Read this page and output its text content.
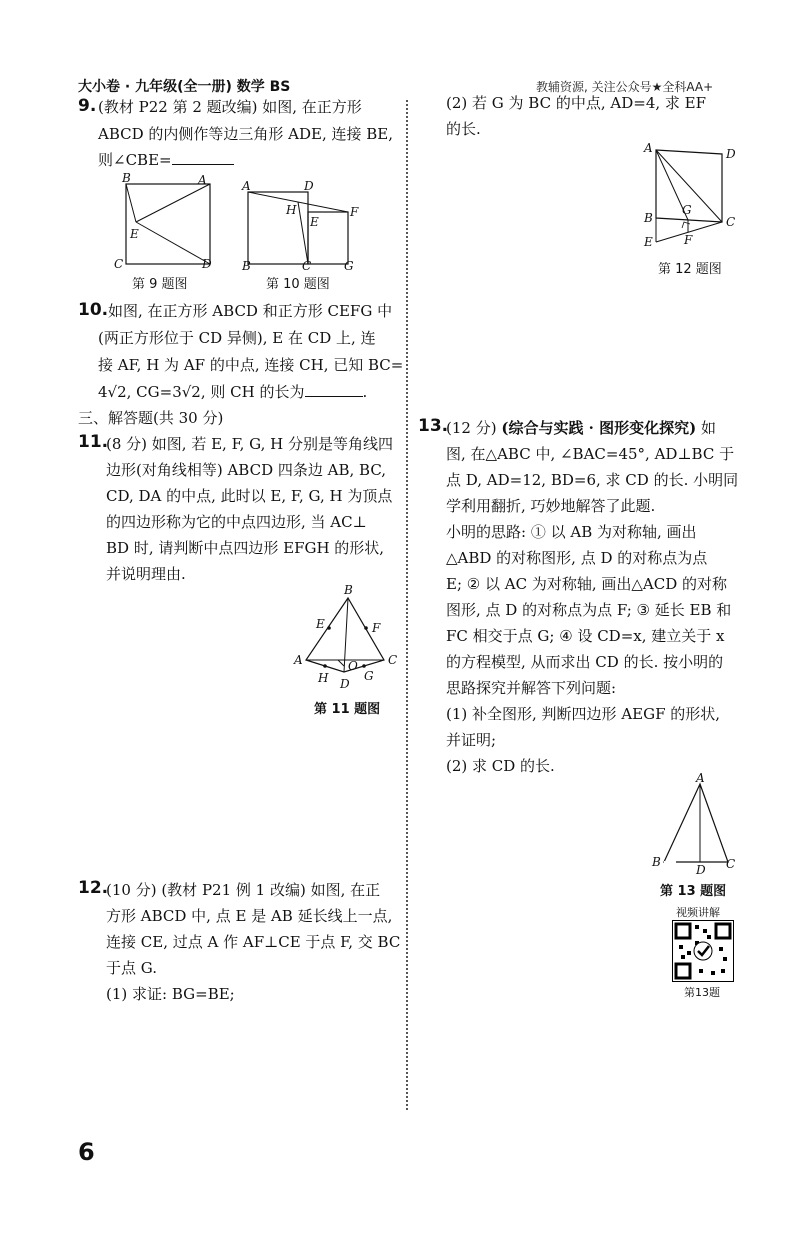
大小卷 · 九年级(全一册) 数学 BS	教辅资源, 关注公众号★全科AA+
9. (教材 P22 第 2 题改编) 如图, 在正方形
ABCD 的内侧作等边三角形 ADE, 连接 BE,
则∠CBE=
B	A
E
C	D
第 9 题图
A	D
H
E
F
B	C	G
第 10 题图
10. 如图, 在正方形 ABCD 和正方形 CEFG 中
(两正方形位于 CD 异侧), E 在 CD 上, 连
接 AF, H 为 AF 的中点, 连接 CH, 已知 BC=
4√2, CG=3√2, 则 CH 的长为	.
三、解答题(共 30 分)
11.
(8 分) 如图, 若 E, F, G, H 分别是等角线四
边形(对角线相等) ABCD 四条边 AB, BC,
CD, DA 的中点, 此时以 E, F, G, H 为顶点
的四边形称为它的中点四边形, 当 AC⊥
BD 时, 请判断中点四边形 EFGH 的形状,
并说明理由.
B
E	F
A	O	C
H D
G
第 11 题图
12.
(10 分) (教材 P21 例 1 改编) 如图, 在正
方形 ABCD 中, 点 E 是 AB 延长线上一点,
连接 CE, 过点 A 作 AF⊥CE 于点 F, 交 BC
于点 G.
(1) 求证: BG=BE;
(2) 若 G 为 BC 的中点, AD=4, 求 EF
的长.
A	D
B
G
C
E	F
第 12 题图
13.
(12 分) (综合与实践 · 图形变化探究) 如
图, 在△ABC 中, ∠BAC=45°, AD⊥BC 于
点 D, AD=12, BD=6, 求 CD 的长. 小明同
学利用翻折, 巧妙地解答了此题.
小明的思路: ① 以 AB 为对称轴, 画出
△ABD 的对称图形, 点 D 的对称点为点
E; ② 以 AC 为对称轴, 画出△ACD 的对称
图形, 点 D 的对称点为点 F; ③ 延长 EB 和
FC 相交于点 G; ④ 设 CD=x, 建立关于 x
的方程模型, 从而求出 CD 的长. 按小明的
思路探究并解答下列问题:
(1) 补全图形, 判断四边形 AEGF 的形状,
并证明;
(2) 求 CD 的长.
A
B
D C
第 13 题图
视频讲解
第13题
6
